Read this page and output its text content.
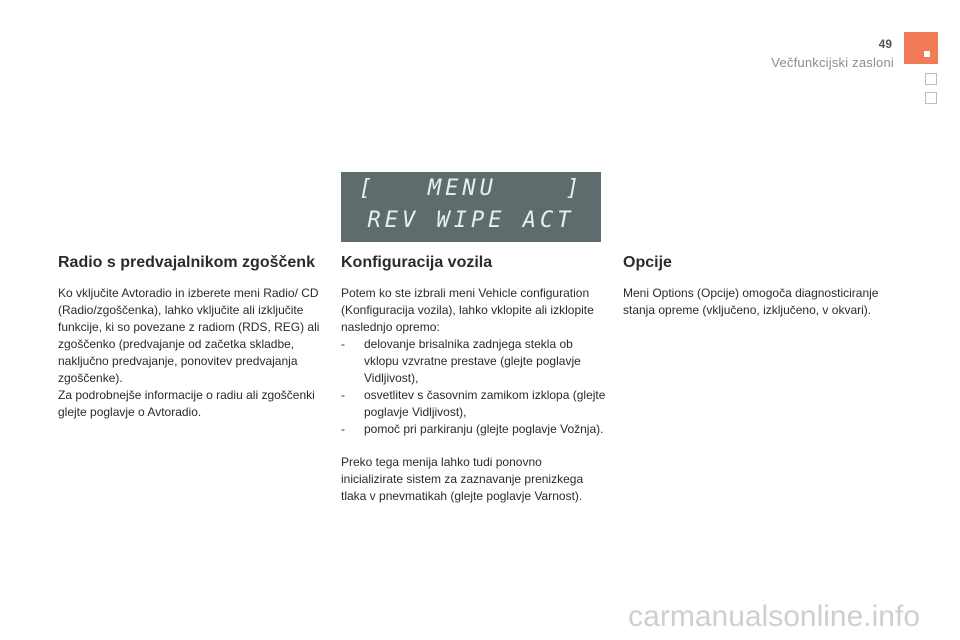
49
Večfunkcijski zasloni
[   MENU    ]
REV WIPE ACT
Radio s predvajalnikom zgoščenk

Ko vključite Avtoradio in izberete meni Radio/ CD (Radio/zgoščenka), lahko vključite ali izključite funkcije, ki so povezane z radiom (RDS, REG) ali zgoščenko (predvajanje od začetka skladbe, naključno predvajanje, ponovitev predvajanja zgoščenke).

Za podrobnejše informacije o radiu ali zgoščenki glejte poglavje o Avtoradio.

Konfiguracija vozila

Potem ko ste izbrali meni Vehicle configuration (Konfiguracija vozila), lahko vklopite ali izklopite naslednjo opremo:

- delovanje brisalnika zadnjega stekla ob vklopu vzvratne prestave (glejte poglavje Vidljivost),
- osvetlitev s časovnim zamikom izklopa (glejte poglavje Vidljivost),
- pomoč pri parkiranju (glejte poglavje Vožnja).

Preko tega menija lahko tudi ponovno inicializirate sistem za zaznavanje prenizkega tlaka v pnevmatikah (glejte poglavje Varnost).

Opcije

Meni Options (Opcije) omogoča diagnosticiranje stanja opreme (vključeno, izključeno, v okvari).

carmanualsonline.info
